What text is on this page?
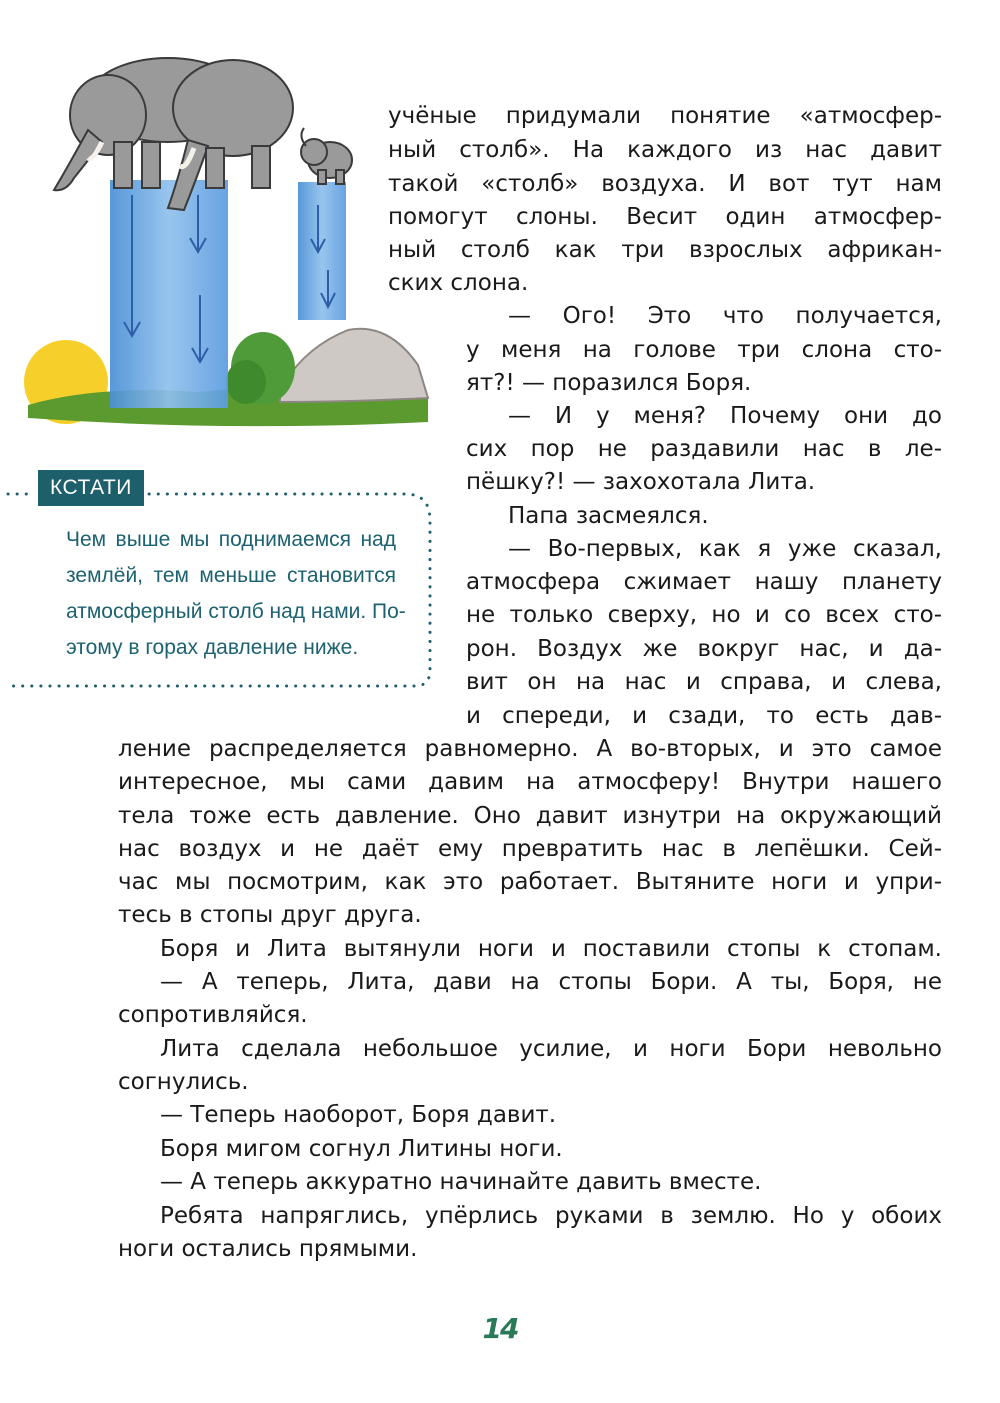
учёные придумали понятие «атмосфер-
ный столб». На каждого из нас давит
такой «столб» воздуха. И вот тут нам
помогут слоны. Весит один атмосфер-
ный столб как три взрослых африкан-
ских слона.
— Ого! Это что получается,
у меня на голове три слона сто-
ят?! — поразился Боря.
— И у меня? Почему они до
сих пор не раздавили нас в ле-
пёшку?! — захохотала Лита.
Папа засмеялся.
— Во-первых, как я уже сказал,
атмосфера сжимает нашу планету
не только сверху, но и со всех сто-
рон. Воздух же вокруг нас, и да-
вит он на нас и справа, и слева,
и спереди, и сзади, то есть дав-
ление распределяется равномерно. А во-вторых, и это самое
интересное, мы сами давим на атмосферу! Внутри нашего
тела тоже есть давление. Оно давит изнутри на окружающий
нас воздух и не даёт ему превратить нас в лепёшки. Сей-
час мы посмотрим, как это работает. Вытяните ноги и упри-
тесь в стопы друг друга.
Боря и Лита вытянули ноги и поставили стопы к стопам.
— А теперь, Лита, дави на стопы Бори. А ты, Боря, не
сопротивляйся.
Лита сделала небольшое усилие, и ноги Бори невольно
согнулись.
— Теперь наоборот, Боря давит.
Боря мигом согнул Литины ноги.
— А теперь аккуратно начинайте давить вместе.
Ребята напряглись, упёрлись руками в землю. Но у обоих
ноги остались прямыми.
КСТАТИ
Чем выше мы поднимаемся над
землёй, тем меньше становится
атмосферный столб над нами. По-
этому в горах давление ниже.
14
